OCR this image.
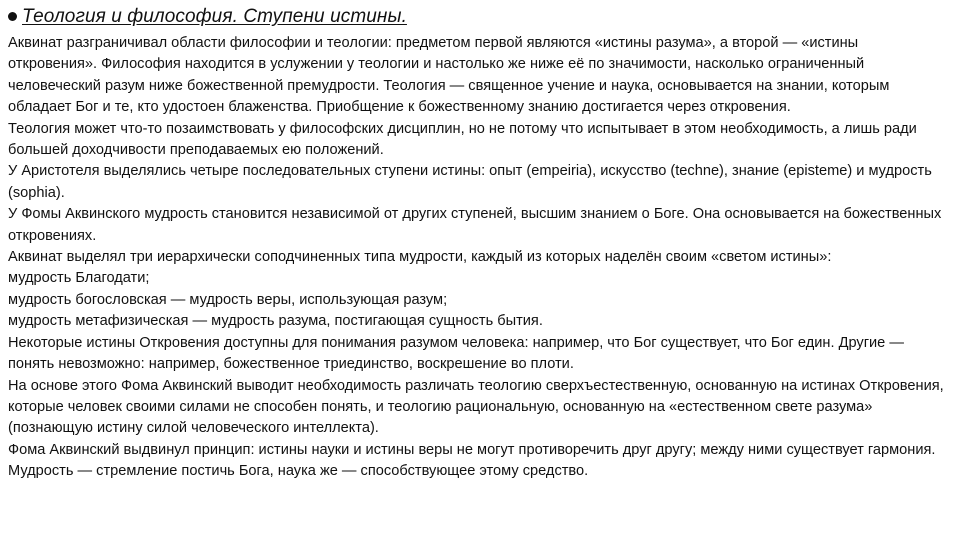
Теология и философия. Ступени истины.

Аквинат разграничивал области философии и теологии: предметом первой являются «истины разума», а второй — «истины откровения». Философия находится в услужении у теологии и настолько же ниже её по значимости, насколько ограниченный человеческий разум ниже божественной премудрости. Теология — священное учение и наука, основывается на знании, которым обладает Бог и те, кто удостоен блаженства. Приобщение к божественному знанию достигается через откровения.

Теология может что-то позаимствовать у философских дисциплин, но не потому что испытывает в этом необходимость, а лишь ради большей доходчивости преподаваемых ею положений.

У Аристотеля выделялись четыре последовательных ступени истины: опыт (empeiria), искусство (techne), знание (episteme) и мудрость (sophia).

У Фомы Аквинского мудрость становится независимой от других ступеней, высшим знанием о Боге. Она основывается на божественных откровениях.

Аквинат выделял три иерархически соподчиненных типа мудрости, каждый из которых наделён своим «светом истины»:

мудрость Благодати;

мудрость богословская — мудрость веры, использующая разум;

мудрость метафизическая — мудрость разума, постигающая сущность бытия.

Некоторые истины Откровения доступны для понимания разумом человека: например, что Бог существует, что Бог един. Другие — понять невозможно: например, божественное триединство, воскрешение во плоти.

На основе этого Фома Аквинский выводит необходимость различать теологию сверхъестественную, основанную на истинах Откровения, которые человек своими силами не способен понять, и теологию рациональную, основанную на «естественном свете разума» (познающую истину силой человеческого интеллекта).

Фома Аквинский выдвинул принцип: истины науки и истины веры не могут противоречить друг другу; между ними существует гармония. Мудрость — стремление постичь Бога, наука же — способствующее этому средство.
